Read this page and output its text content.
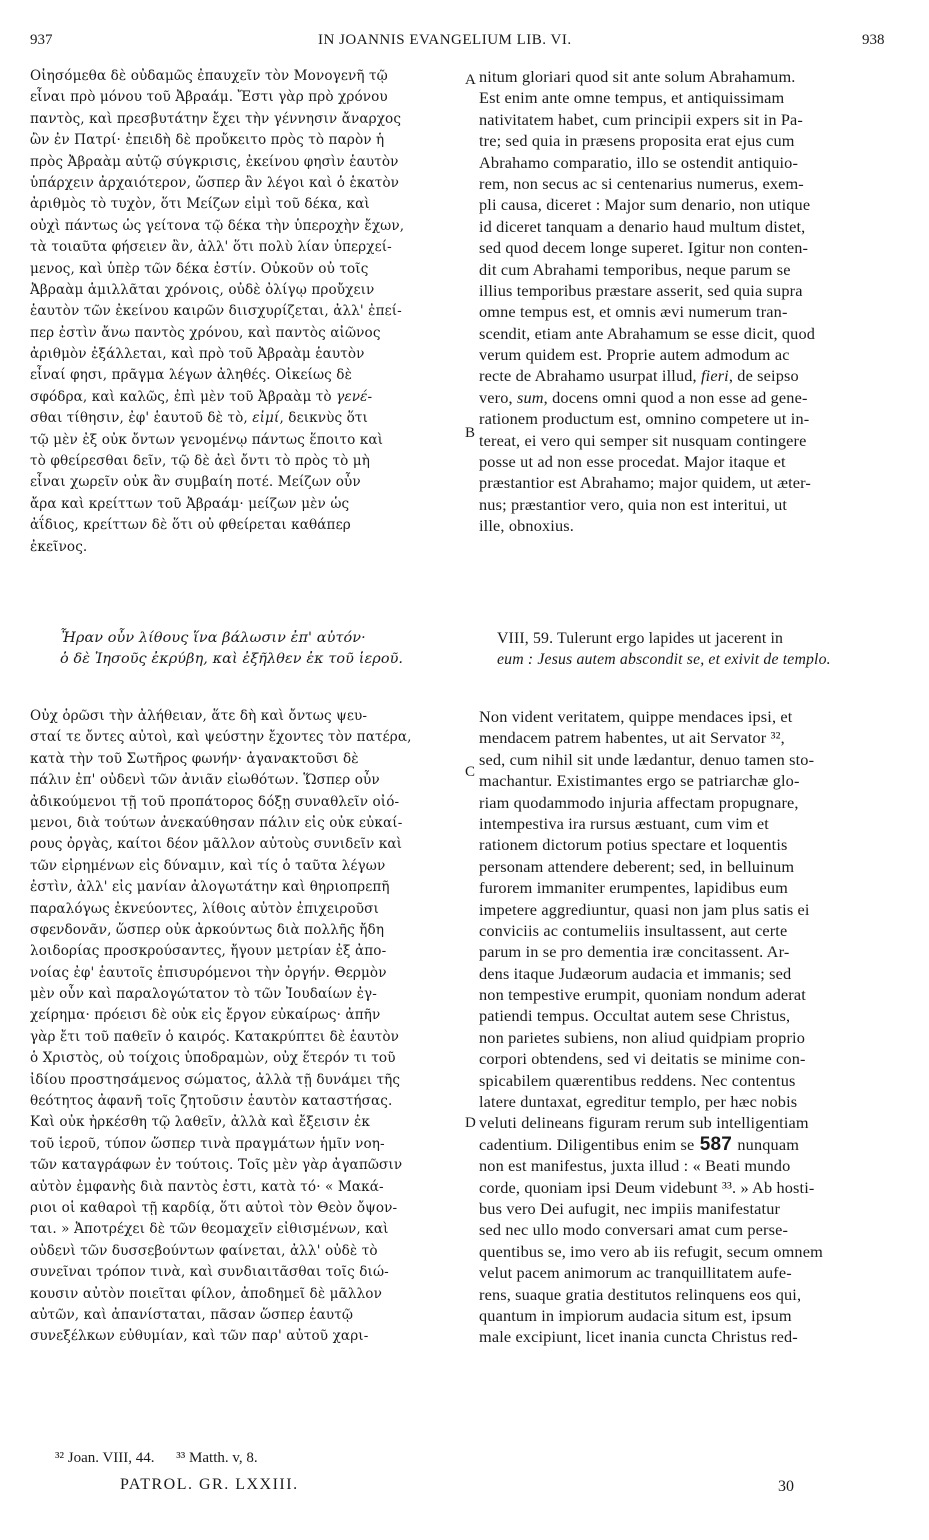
937	IN JOANNIS EVANGELIUM LIB. VI.	938
Οἰησόμεθα δὲ οὐδαμῶς ἐπαυχεῖν τὸν Μονογενῆ τῷ
εἶναι πρὸ μόνου τοῦ Ἀβραάμ. Ἔστι γὰρ πρὸ χρόνου
παντὸς, καὶ πρεσβυτάτην ἔχει τὴν γέννησιν ἄναρχος
ὢν ἐν Πατρί· ἐπειδὴ δὲ προὔκειτο πρὸς τὸ παρὸν ἡ
πρὸς Ἀβραὰμ αὐτῷ σύγκρισις, ἐκείνου φησὶν ἑαυτὸν
ὑπάρχειν ἀρχαιότερον, ὥσπερ ἂν λέγοι καὶ ὁ ἑκατὸν
ἀριθμὸς τὸ τυχὸν, ὅτι Μείζων εἰμὶ τοῦ δέκα, καὶ
οὐχὶ πάντως ὡς γείτονα τῷ δέκα τὴν ὑπεροχὴν ἔχων,
τὰ τοιαῦτα φήσειεν ἂν, ἀλλ' ὅτι πολὺ λίαν ὑπερχεί-
μενος, καὶ ὑπὲρ τῶν δέκα ἐστίν. Οὐκοῦν οὐ τοῖς
Ἀβραὰμ ἁμιλλᾶται χρόνοις, οὐδὲ ὀλίγῳ προὔχειν
ἑαυτὸν τῶν ἐκείνου καιρῶν διισχυρίζεται, ἀλλ' ἐπεί-
περ ἐστὶν ἄνω παντὸς χρόνου, καὶ παντὸς αἰῶνος
ἀριθμὸν ἐξάλλεται, καὶ πρὸ τοῦ Ἀβραὰμ ἑαυτὸν
εἶναί φησι, πρᾶγμα λέγων ἀληθές. Οἰκείως δὲ
σφόδρα, καὶ καλῶς, ἐπὶ μὲν τοῦ Ἀβραὰμ τὸ γενέ-
σθαι τίθησιν, ἐφ' ἑαυτοῦ δὲ τὸ, εἰμί, δεικνὺς ὅτι
τῷ μὲν ἐξ οὐκ ὄντων γενομένῳ πάντως ἕποιτο καὶ
τὸ φθείρεσθαι δεῖν, τῷ δὲ ἀεὶ ὄντι τὸ πρὸς τὸ μὴ
εἶναι χωρεῖν οὐκ ἂν συμβαίη ποτέ. Μείζων οὖν
ἄρα καὶ κρείττων τοῦ Ἀβραάμ· μείζων μὲν ὡς
ἀΐδιος, κρείττων δὲ ὅτι οὐ φθείρεται καθάπερ
ἐκεῖνος.
nitum gloriari quod sit ante solum Abrahamum.
Est enim ante omne tempus, et antiquissimam
nativitatem habet, cum principii expers sit in Pa-
tre; sed quia in præsens proposita erat ejus cum
Abrahamo comparatio, illo se ostendit antiquio-
rem, non secus ac si centenarius numerus, exem-
pli causa, diceret : Major sum denario, non utique
id diceret tanquam a denario haud multum distet,
sed quod decem longe superet. Igitur non conten-
dit cum Abrahami temporibus, neque parum se
illius temporibus præstare asserit, sed quia supra
omne tempus est, et omnis ævi numerum tran-
scendit, etiam ante Abrahamum se esse dicit, quod
verum quidem est. Proprie autem admodum ac
recte de Abrahamo usurpat illud, fieri, de seipso
vero, sum, docens omni quod a non esse ad gene-
rationem productum est, omnino competere ut in-
tereat, ei vero qui semper sit nusquam contingere
posse ut ad non esse procedat. Major itaque et
præstantior est Abrahamo; major quidem, ut æter-
nus; præstantior vero, quia non est interitui, ut
ille, obnoxius.
A
B
C
D
Ἦραν οὖν λίθους ἵνα βάλωσιν ἐπ' αὐτόν·
ὁ δὲ Ἰησοῦς ἐκρύβη, καὶ ἐξῆλθεν ἐκ τοῦ ἱεροῦ.
VIII, 59. Tulerunt ergo lapides ut jacerent in
eum : Jesus autem abscondit se, et exivit de templo.
Οὐχ ὁρῶσι τὴν ἀλήθειαν, ἅτε δὴ καὶ ὄντως ψευ-
σταί τε ὄντες αὐτοὶ, καὶ ψεύστην ἔχοντες τὸν πατέρα,
κατὰ τὴν τοῦ Σωτῆρος φωνήν· ἀγανακτοῦσι δὲ
πάλιν ἐπ' οὐδενὶ τῶν ἀνιᾶν εἰωθότων. Ὥσπερ οὖν
ἀδικούμενοι τῇ τοῦ προπάτορος δόξῃ συναθλεῖν οἰό-
μενοι, διὰ τούτων ἀνεκαύθησαν πάλιν εἰς οὐκ εὐκαί-
ρους ὀργὰς, καίτοι δέον μᾶλλον αὐτοὺς συνιδεῖν καὶ
τῶν εἰρημένων εἰς δύναμιν, καὶ τίς ὁ ταῦτα λέγων
ἐστὶν, ἀλλ' εἰς μανίαν ἀλογωτάτην καὶ θηριοπρεπῆ
παραλόγως ἐκνεύοντες, λίθοις αὐτὸν ἐπιχειροῦσι
σφενδονᾶν, ὥσπερ οὐκ ἀρκούντως διὰ πολλῆς ἤδη
λοιδορίας προσκρούσαντες, ἤγουν μετρίαν ἐξ ἀπο-
νοίας ἐφ' ἑαυτοῖς ἐπισυρόμενοι τὴν ὀργήν. Θερμὸν
μὲν οὖν καὶ παραλογώτατον τὸ τῶν Ἰουδαίων ἐγ-
χείρημα· πρόεισι δὲ οὐκ εἰς ἔργον εὐκαίρως· ἀπῆν
γὰρ ἔτι τοῦ παθεῖν ὁ καιρός. Κατακρύπτει δὲ ἑαυτὸν
ὁ Χριστὸς, οὐ τοίχοις ὑποδραμὼν, οὐχ ἕτερόν τι τοῦ
ἰδίου προστησάμενος σώματος, ἀλλὰ τῇ δυνάμει τῆς
θεότητος ἀφανῆ τοῖς ζητοῦσιν ἑαυτὸν καταστήσας.
Καὶ οὐκ ἠρκέσθη τῷ λαθεῖν, ἀλλὰ καὶ ἔξεισιν ἐκ
τοῦ ἱεροῦ, τύπον ὥσπερ τινὰ πραγμάτων ἡμῖν νοη-
τῶν καταγράφων ἐν τούτοις. Τοῖς μὲν γὰρ ἀγαπῶσιν
αὐτὸν ἐμφανὴς διὰ παντὸς ἐστι, κατὰ τό· « Μακά-
ριοι οἱ καθαροὶ τῇ καρδίᾳ, ὅτι αὐτοὶ τὸν Θεὸν ὄψον-
ται. » Ἀποτρέχει δὲ τῶν θεομαχεῖν εἰθισμένων, καὶ
οὐδενὶ τῶν δυσσεβούντων φαίνεται, ἀλλ' οὐδὲ τὸ
συνεῖναι τρόπον τινὰ, καὶ συνδιαιτᾶσθαι τοῖς διώ-
κουσιν αὐτὸν ποιεῖται φίλον, ἀποδημεῖ δὲ μᾶλλον
αὐτῶν, καὶ ἀπανίσταται, πᾶσαν ὥσπερ ἑαυτῷ
συνεξέλκων εὐθυμίαν, καὶ τῶν παρ' αὐτοῦ χαρι-
Non vident veritatem, quippe mendaces ipsi, et
mendacem patrem habentes, ut ait Servator ³²,
sed, cum nihil sit unde lædantur, denuo tamen sto-
machantur. Existimantes ergo se patriarchæ glo-
riam quodammodo injuria affectam propugnare,
intempestiva ira rursus æstuant, cum vim et
rationem dictorum potius spectare et loquentis
personam attendere deberent; sed, in belluinum
furorem immaniter erumpentes, lapidibus eum
impetere aggrediuntur, quasi non jam plus satis ei
conviciis ac contumeliis insultassent, aut certe
parum in se pro dementia iræ concitassent. Ar-
dens itaque Judæorum audacia et immanis; sed
non tempestive erumpit, quoniam nondum aderat
patiendi tempus. Occultat autem sese Christus,
non parietes subiens, non aliud quidpiam proprio
corpori obtendens, sed vi deitatis se minime con-
spicabilem quærentibus reddens. Nec contentus
latere duntaxat, egreditur templo, per hæc nobis
veluti delineans figuram rerum sub intelligentiam
cadentium. Diligentibus enim se 587 nunquam
non est manifestus, juxta illud : « Beati mundo
corde, quoniam ipsi Deum videbunt ³³. » Ab hosti-
bus vero Dei aufugit, nec impiis manifestatur
sed nec ullo modo conversari amat cum perse-
quentibus se, imo vero ab iis refugit, secum omnem
velut pacem animorum ac tranquillitatem aufe-
rens, suaque gratia destitutos relinquens eos qui,
quantum in impiorum audacia situm est, ipsum
male excipiunt, licet inania cuncta Christus red-
³² Joan. VIII, 44. ³³ Matth. v, 8.
PATROL. GR. LXXIII.	30
